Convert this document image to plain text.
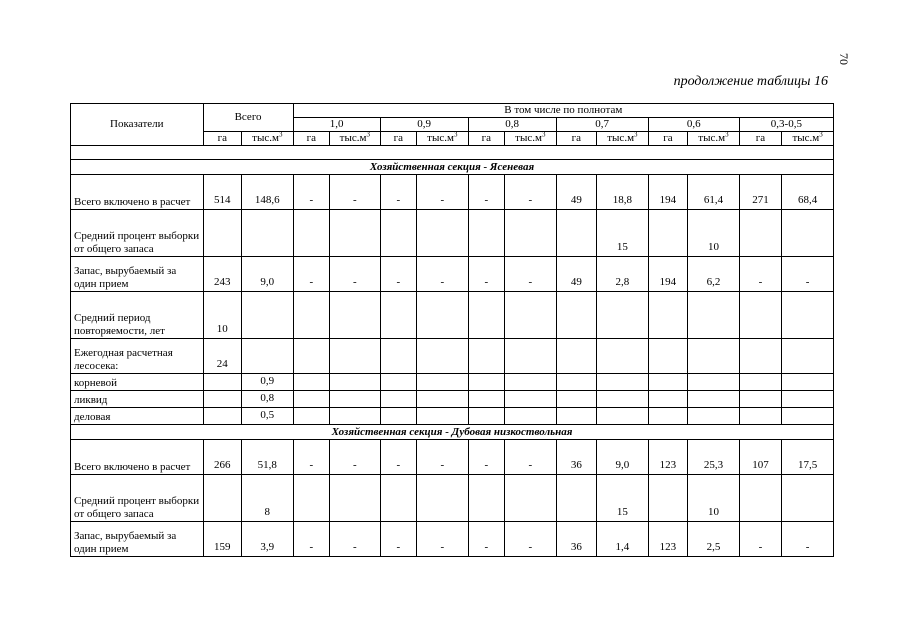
70
продолжение таблицы 16
Показатели	Всего		В том числе по полнотам											
			1,0		0,9		0,8		0,7		0,6		0,3-0,5	
	га	$тыс.м^3$	га	$тыс.м^3$	га	$тыс.м^3$	га	$тыс.м^3$	га	$тыс.м^3$	га	$тыс.м^3$	га	$тыс.м^3$

Хозяйственная секция - Ясеневая														
Всего включено в расчет	514	148,6	-	-	-	-	-	-	49	18,8	194	61,4	271	68,4
Средний процент выборки от общего запаса										15		10		
Запас, вырубаемый за один прием	243	9,0	-	-	-	-	-	-	49	2,8	194	6,2	-	-
Средний период повторяемости, лет	10													
Ежегодная расчетная лесосека:	24													
корневой		0,9												
ликвид		0,8												
деловая		0,5												
Хозяйственная секция - Дубовая низкоствольная														
Всего включено в расчет	266	51,8	-	-	-	-	-	-	36	9,0	123	25,3	107	17,5
Средний процент выборки от общего запаса		8								15		10		
Запас, вырубаемый за один прием	159	3,9	-	-	-	-	-	-	36	1,4	123	2,5	-	-
